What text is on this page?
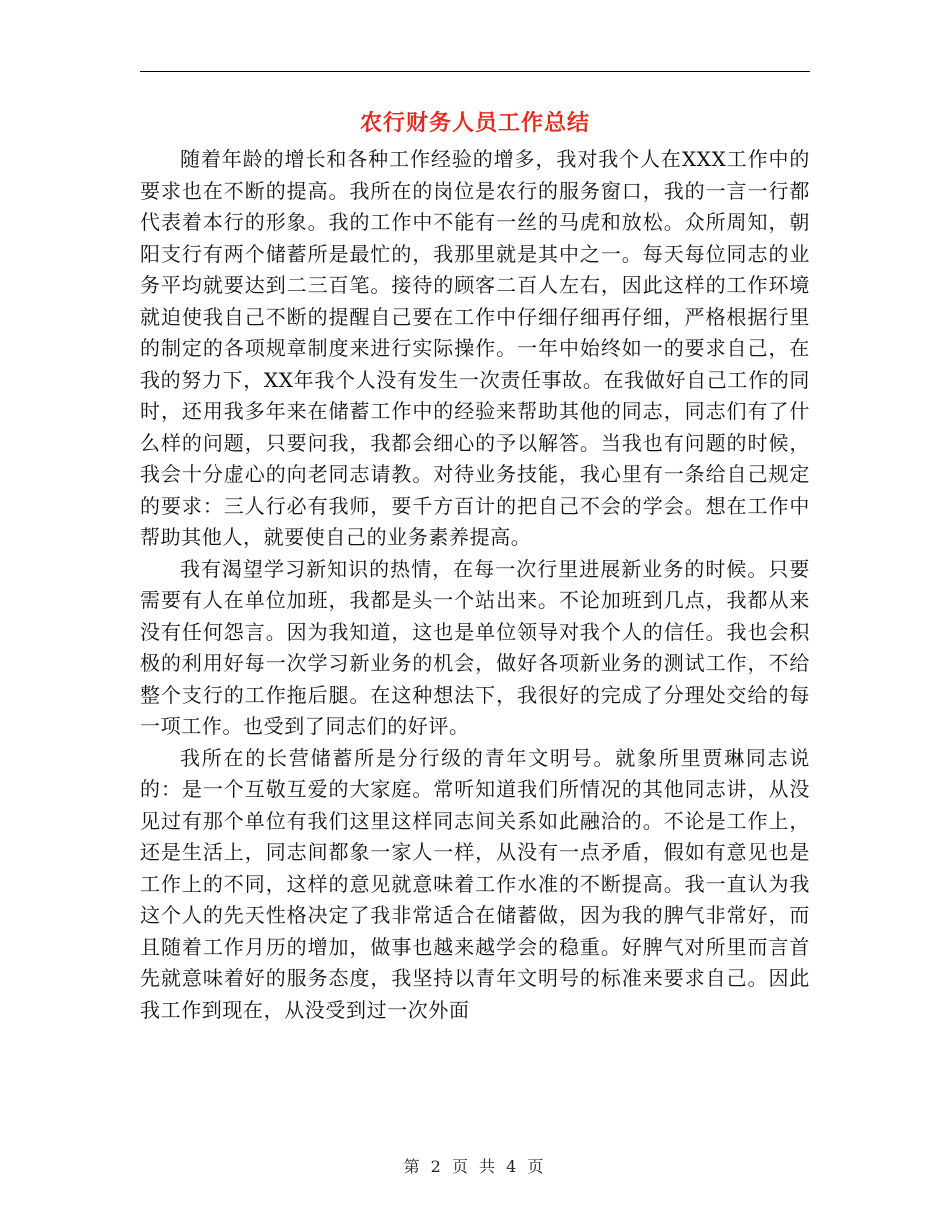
农行财务人员工作总结

随着年龄的增长和各种工作经验的增多，我对我个人在XXX工作中的要求也在不断的提高。我所在的岗位是农行的服务窗口，我的一言一行都代表着本行的形象。我的工作中不能有一丝的马虎和放松。众所周知，朝阳支行有两个储蓄所是最忙的，我那里就是其中之一。每天每位同志的业务平均就要达到二三百笔。接待的顾客二百人左右，因此这样的工作环境就迫使我自己不断的提醒自己要在工作中仔细仔细再仔细，严格根据行里的制定的各项规章制度来进行实际操作。一年中始终如一的要求自己，在我的努力下，XX年我个人没有发生一次责任事故。在我做好自己工作的同时，还用我多年来在储蓄工作中的经验来帮助其他的同志，同志们有了什么样的问题，只要问我，我都会细心的予以解答。当我也有问题的时候，我会十分虚心的向老同志请教。对待业务技能，我心里有一条给自己规定的要求：三人行必有我师，要千方百计的把自己不会的学会。想在工作中帮助其他人，就要使自己的业务素养提高。

我有渴望学习新知识的热情，在每一次行里进展新业务的时候。只要需要有人在单位加班，我都是头一个站出来。不论加班到几点，我都从来没有任何怨言。因为我知道，这也是单位领导对我个人的信任。我也会积极的利用好每一次学习新业务的机会，做好各项新业务的测试工作，不给整个支行的工作拖后腿。在这种想法下，我很好的完成了分理处交给的每一项工作。也受到了同志们的好评。

我所在的长营储蓄所是分行级的青年文明号。就象所里贾琳同志说的：是一个互敬互爱的大家庭。常听知道我们所情况的其他同志讲，从没见过有那个单位有我们这里这样同志间关系如此融洽的。不论是工作上，还是生活上，同志间都象一家人一样，从没有一点矛盾，假如有意见也是工作上的不同，这样的意见就意味着工作水准的不断提高。我一直认为我这个人的先天性格决定了我非常适合在储蓄做，因为我的脾气非常好，而且随着工作月历的增加，做事也越来越学会的稳重。好脾气对所里而言首先就意味着好的服务态度，我坚持以青年文明号的标准来要求自己。因此我工作到现在，从没受到过一次外面

第 2 页 共 4 页
